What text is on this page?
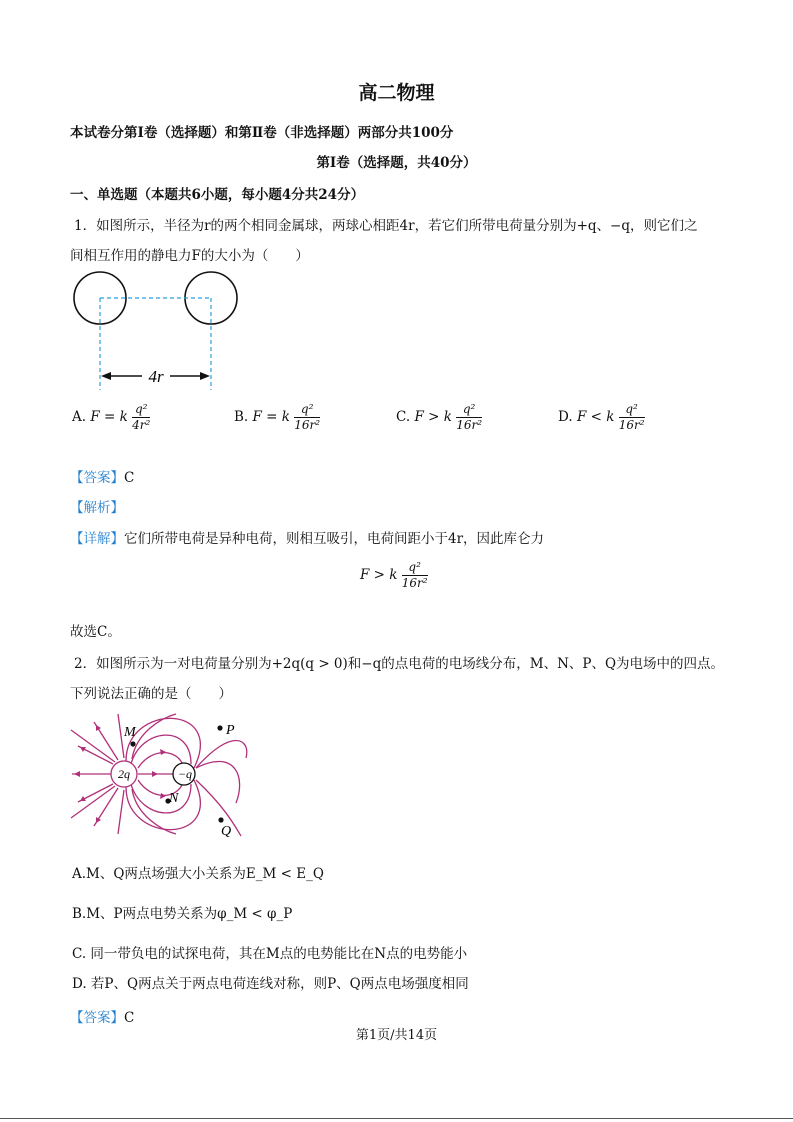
高二物理
本试卷分第Ⅰ卷（选择题）和第Ⅱ卷（非选择题）两部分共100分
第Ⅰ卷（选择题，共40分）
一、单选题（本题共6小题，每小题4分共24分）
1．如图所示，半径为r的两个相同金属球，两球心相距4r，若它们所带电荷量分别为+q、−q，则它们之
间相互作用的静电力F的大小为（　　）
4r
A. F = k $\frac{\text{q²}}{\text{4r²}}$	B. F = k $\frac{\text{q²}}{\text{16r²}}$	C. F > k $\frac{\text{q²}}{\text{16r²}}$	D. F < k $\frac{\text{q²}}{\text{16r²}}$
【答案】C
【解析】
【详解】它们所带电荷是异种电荷，则相互吸引，电荷间距小于4r，因此库仑力
F > k $\frac{\text{q²}}{\text{16r²}}$
故选C。
2．如图所示为一对电荷量分别为+2q(q > 0)和−q的点电荷的电场线分布，M、N、P、Q为电场中的四点。
下列说法正确的是（　　）
2q	−q
M	P
N
Q
A.M、Q两点场强大小关系为E_M < E_Q
B.M、P两点电势关系为φ_M < φ_P
C. 同一带负电的试探电荷，其在M点的电势能比在N点的电势能小
D. 若P、Q两点关于两点电荷连线对称，则P、Q两点电场强度相同
【答案】C
第1页/共14页
